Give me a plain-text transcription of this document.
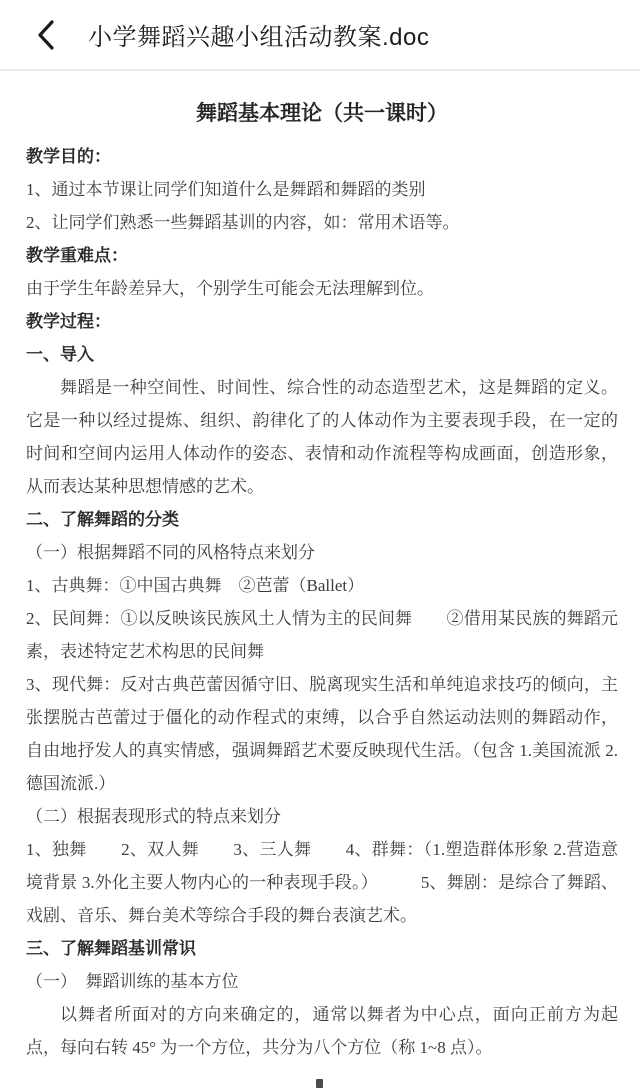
小学舞蹈兴趣小组活动教案.doc
舞蹈基本理论（共一课时）

教学目的：

1、通过本节课让同学们知道什么是舞蹈和舞蹈的类别

2、让同学们熟悉一些舞蹈基训的内容，如：常用术语等。

教学重难点：

由于学生年龄差异大，个别学生可能会无法理解到位。

教学过程：

一、导入

舞蹈是一种空间性、时间性、综合性的动态造型艺术，这是舞蹈的定义。它是一种以经过提炼、组织、韵律化了的人体动作为主要表现手段，在一定的时间和空间内运用人体动作的姿态、表情和动作流程等构成画面，创造形象，从而表达某种思想情感的艺术。

二、了解舞蹈的分类

（一）根据舞蹈不同的风格特点来划分

1、古典舞：①中国古典舞　②芭蕾（Ballet）

2、民间舞：①以反映该民族风土人情为主的民间舞　　②借用某民族的舞蹈元素，表述特定艺术构思的民间舞

3、现代舞：反对古典芭蕾因循守旧、脱离现实生活和单纯追求技巧的倾向，主张摆脱古芭蕾过于僵化的动作程式的束缚，以合乎自然运动法则的舞蹈动作，自由地抒发人的真实情感，强调舞蹈艺术要反映现代生活。（包含 1.美国流派 2.德国流派.）

（二）根据表现形式的特点来划分

1、独舞　　2、双人舞　　3、三人舞　　4、群舞：（1.塑造群体形象 2.营造意境背景 3.外化主要人物内心的一种表现手段。）　　　5、舞剧：是综合了舞蹈、戏剧、音乐、舞台美术等综合手段的舞台表演艺术。

三、了解舞蹈基训常识

（一）　舞蹈训练的基本方位

以舞者所面对的方向来确定的，通常以舞者为中心点，面向正前方为起点，每向右转 45° 为一个方位，共分为八个方位（称 1~8 点）。
